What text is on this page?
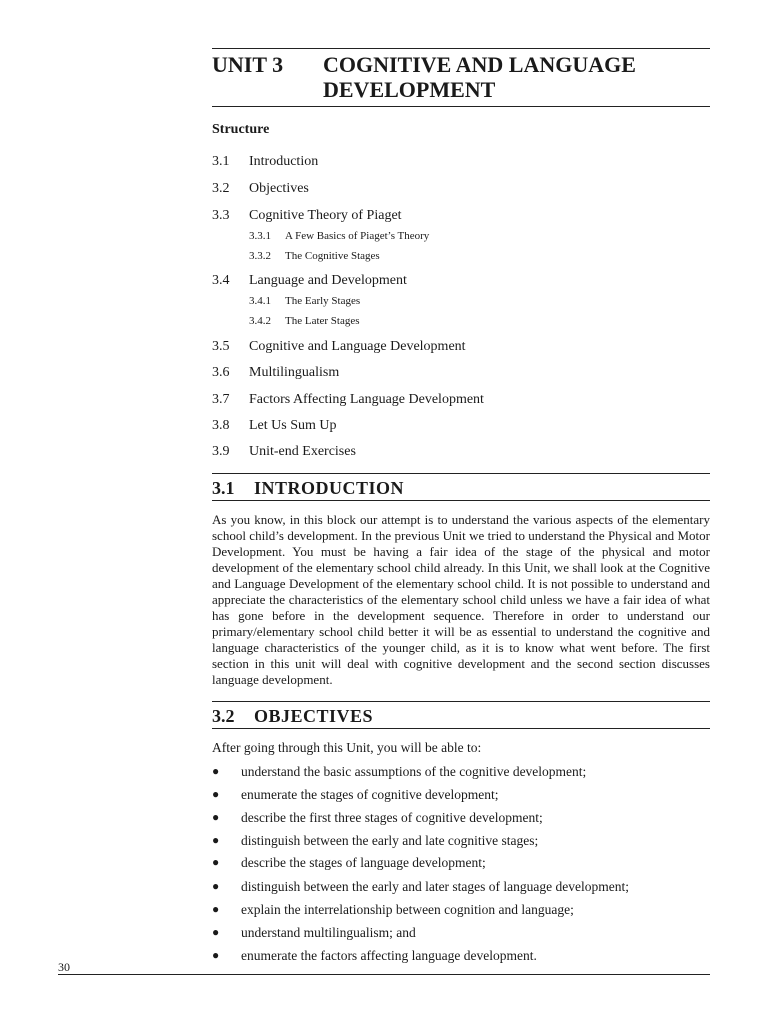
UNIT 3 COGNITIVE AND LANGUAGE DEVELOPMENT
Structure
3.1 Introduction
3.2 Objectives
3.3 Cognitive Theory of Piaget
3.3.1 A Few Basics of Piaget’s Theory
3.3.2 The Cognitive Stages
3.4 Language and Development
3.4.1 The Early Stages
3.4.2 The Later Stages
3.5 Cognitive and Language Development
3.6 Multilingualism
3.7 Factors Affecting Language Development
3.8 Let Us Sum Up
3.9 Unit-end Exercises
3.1 INTRODUCTION
As you know, in this block our attempt is to understand the various aspects of the elementary school child’s development. In the previous Unit we tried to understand the Physical and Motor Development. You must be having a fair idea of the stage of the physical and motor development of the elementary school child already. In this Unit, we shall look at the Cognitive and Language Development of the elementary school child. It is not possible to understand and appreciate the characteristics of the elementary school child unless we have a fair idea of what has gone before in the development sequence. Therefore in order to understand our primary/elementary school child better it will be as essential to understand the cognitive and language characteristics of the younger child, as it is to know what went before. The first section in this unit will deal with cognitive development and the second section discusses language development.
3.2 OBJECTIVES
After going through this Unit, you will be able to:
● understand the basic assumptions of the cognitive development;
● enumerate the stages of cognitive development;
● describe the first three stages of cognitive development;
● distinguish between the early and late cognitive stages;
● describe the stages of language development;
● distinguish between the early and later stages of language development;
● explain the interrelationship between cognition and language;
● understand multilingualism; and
● enumerate the factors affecting language development.
30
